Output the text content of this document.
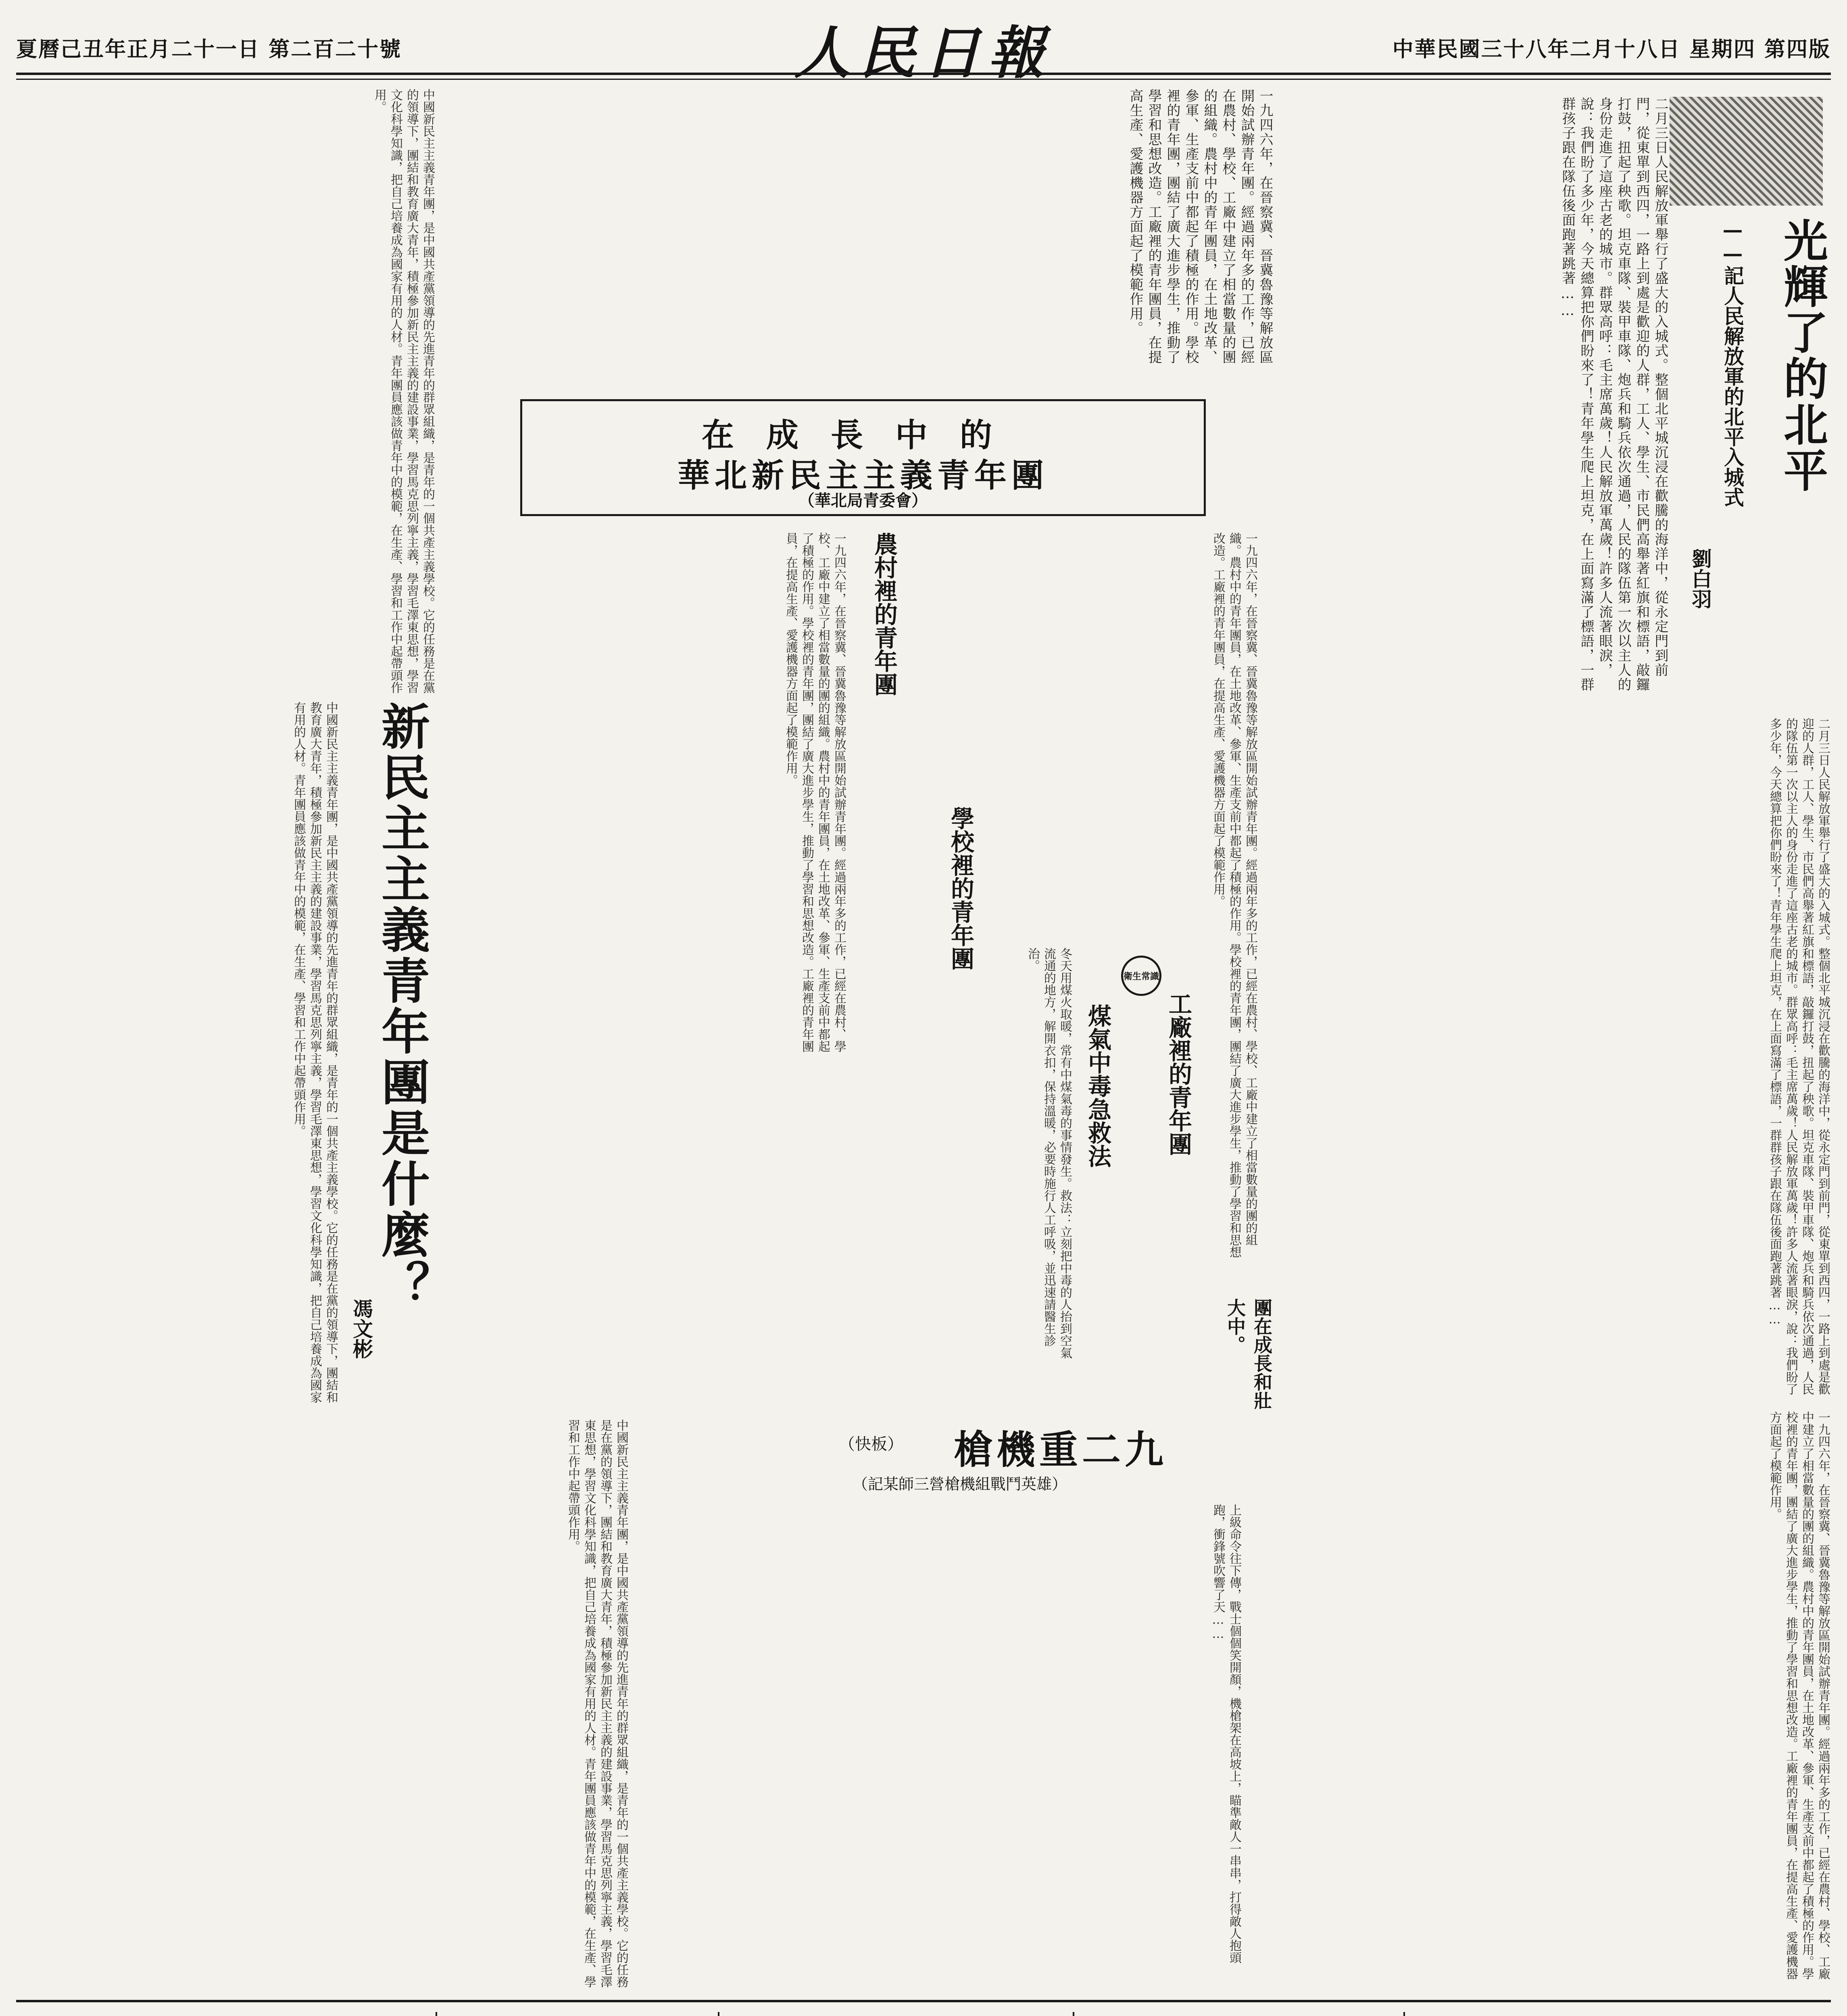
夏曆己丑年正月二十一日 第二百二十號	人民日報	中華民國三十八年二月十八日 星期四 第四版
光輝了的北平
——記人民解放軍的北平入城式
劉白羽
二月三日人民解放軍舉行了盛大的入城式。整個北平城沉浸在歡騰的海洋中，從永定門到前門，從東單到西四，一路上到處是歡迎的人群，工人、學生、市民們高舉著紅旗和標語，敲鑼打鼓，扭起了秧歌。坦克車隊、裝甲車隊、炮兵和騎兵依次通過，人民的隊伍第一次以主人的身份走進了這座古老的城市。群眾高呼：毛主席萬歲！人民解放軍萬歲！許多人流著眼淚，說：我們盼了多少年，今天總算把你們盼來了！青年學生爬上坦克，在上面寫滿了標語，一群群孩子跟在隊伍後面跑著跳著……
一九四六年，在晉察冀、晉冀魯豫等解放區開始試辦青年團。經過兩年多的工作，已經在農村、學校、工廠中建立了相當數量的團的組織。農村中的青年團員，在土地改革、參軍、生產支前中都起了積極的作用。學校裡的青年團，團結了廣大進步學生，推動了學習和思想改造。工廠裡的青年團員，在提高生產、愛護機器方面起了模範作用。
在成長中的
華北新民主主義青年團
（華北局青委會）
農村裡的青年團
學校裡的青年團
工廠裡的青年團
團在成長和壯大中。
一九四六年，在晉察冀、晉冀魯豫等解放區開始試辦青年團。經過兩年多的工作，已經在農村、學校、工廠中建立了相當數量的團的組織。農村中的青年團員，在土地改革、參軍、生產支前中都起了積極的作用。學校裡的青年團，團結了廣大進步學生，推動了學習和思想改造。工廠裡的青年團員，在提高生產、愛護機器方面起了模範作用。	一九四六年，在晉察冀、晉冀魯豫等解放區開始試辦青年團。經過兩年多的工作，已經在農村、學校、工廠中建立了相當數量的團的組織。農村中的青年團員，在土地改革、參軍、生產支前中都起了積極的作用。學校裡的青年團，團結了廣大進步學生，推動了學習和思想改造。工廠裡的青年團員，在提高生產、愛護機器方面起了模範作用。
中國新民主主義青年團，是中國共產黨領導的先進青年的群眾組織，是青年的一個共產主義學校。它的任務是在黨的領導下，團結和教育廣大青年，積極參加新民主主義的建設事業，學習馬克思列寧主義，學習毛澤東思想，學習文化科學知識，把自己培養成為國家有用的人材。青年團員應該做青年中的模範，在生產、學習和工作中起帶頭作用。
新民主主義青年團是什麼？
馮文彬
中國新民主主義青年團，是中國共產黨領導的先進青年的群眾組織，是青年的一個共產主義學校。它的任務是在黨的領導下，團結和教育廣大青年，積極參加新民主主義的建設事業，學習馬克思列寧主義，學習毛澤東思想，學習文化科學知識，把自己培養成為國家有用的人材。青年團員應該做青年中的模範，在生產、學習和工作中起帶頭作用。	衛生常識
煤氣中毒急救法
冬天用煤火取暖，常有中煤氣毒的事情發生。救法：立刻把中毒的人抬到空氣流通的地方，解開衣扣，保持溫暖，必要時施行人工呼吸，並迅速請醫生診治。
槍機重二九
（快板）
（記某師三營槍機組戰鬥英雄）
上級命令往下傳，戰士個個笑開顏，機槍架在高坡上，瞄準敵人一串串，打得敵人抱頭跑，衝鋒號吹響了天……
二月三日人民解放軍舉行了盛大的入城式。整個北平城沉浸在歡騰的海洋中，從永定門到前門，從東單到西四，一路上到處是歡迎的人群，工人、學生、市民們高舉著紅旗和標語，敲鑼打鼓，扭起了秧歌。坦克車隊、裝甲車隊、炮兵和騎兵依次通過，人民的隊伍第一次以主人的身份走進了這座古老的城市。群眾高呼：毛主席萬歲！人民解放軍萬歲！許多人流著眼淚，說：我們盼了多少年，今天總算把你們盼來了！青年學生爬上坦克，在上面寫滿了標語，一群群孩子跟在隊伍後面跑著跳著……
一九四六年，在晉察冀、晉冀魯豫等解放區開始試辦青年團。經過兩年多的工作，已經在農村、學校、工廠中建立了相當數量的團的組織。農村中的青年團員，在土地改革、參軍、生產支前中都起了積極的作用。學校裡的青年團，團結了廣大進步學生，推動了學習和思想改造。工廠裡的青年團員，在提高生產、愛護機器方面起了模範作用。
中國新民主主義青年團，是中國共產黨領導的先進青年的群眾組織，是青年的一個共產主義學校。它的任務是在黨的領導下，團結和教育廣大青年，積極參加新民主主義的建設事業，學習馬克思列寧主義，學習毛澤東思想，學習文化科學知識，把自己培養成為國家有用的人材。青年團員應該做青年中的模範，在生產、學習和工作中起帶頭作用。
